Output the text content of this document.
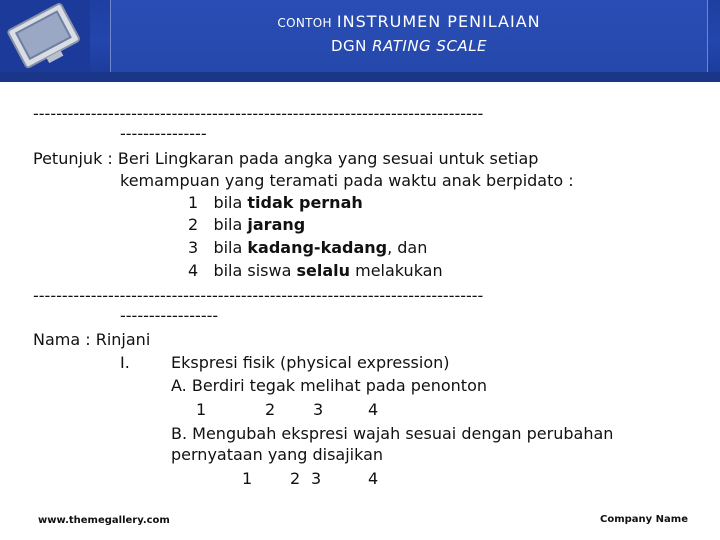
CONTOH INSTRUMEN PENILAIAN
DGN RATING SCALE
------------------------------------------------------------------------------
---------------
Petunjuk : Beri Lingkaran pada angka yang sesuai untuk setiap
kemampuan yang teramati pada waktu anak berpidato :
1 bila tidak pernah
2 bila jarang
3 bila kadang-kadang, dan
4 bila siswa selalu melakukan
------------------------------------------------------------------------------
-----------------
Nama : Rinjani
I.	Ekspresi fisik (physical expression)
A. Berdiri tegak melihat pada penonton
1	2 3	4
B. Mengubah ekspresi wajah sesuai dengan perubahan
pernyataan yang disajikan
1 2 3	4
www.themegallery.com	Company Name
